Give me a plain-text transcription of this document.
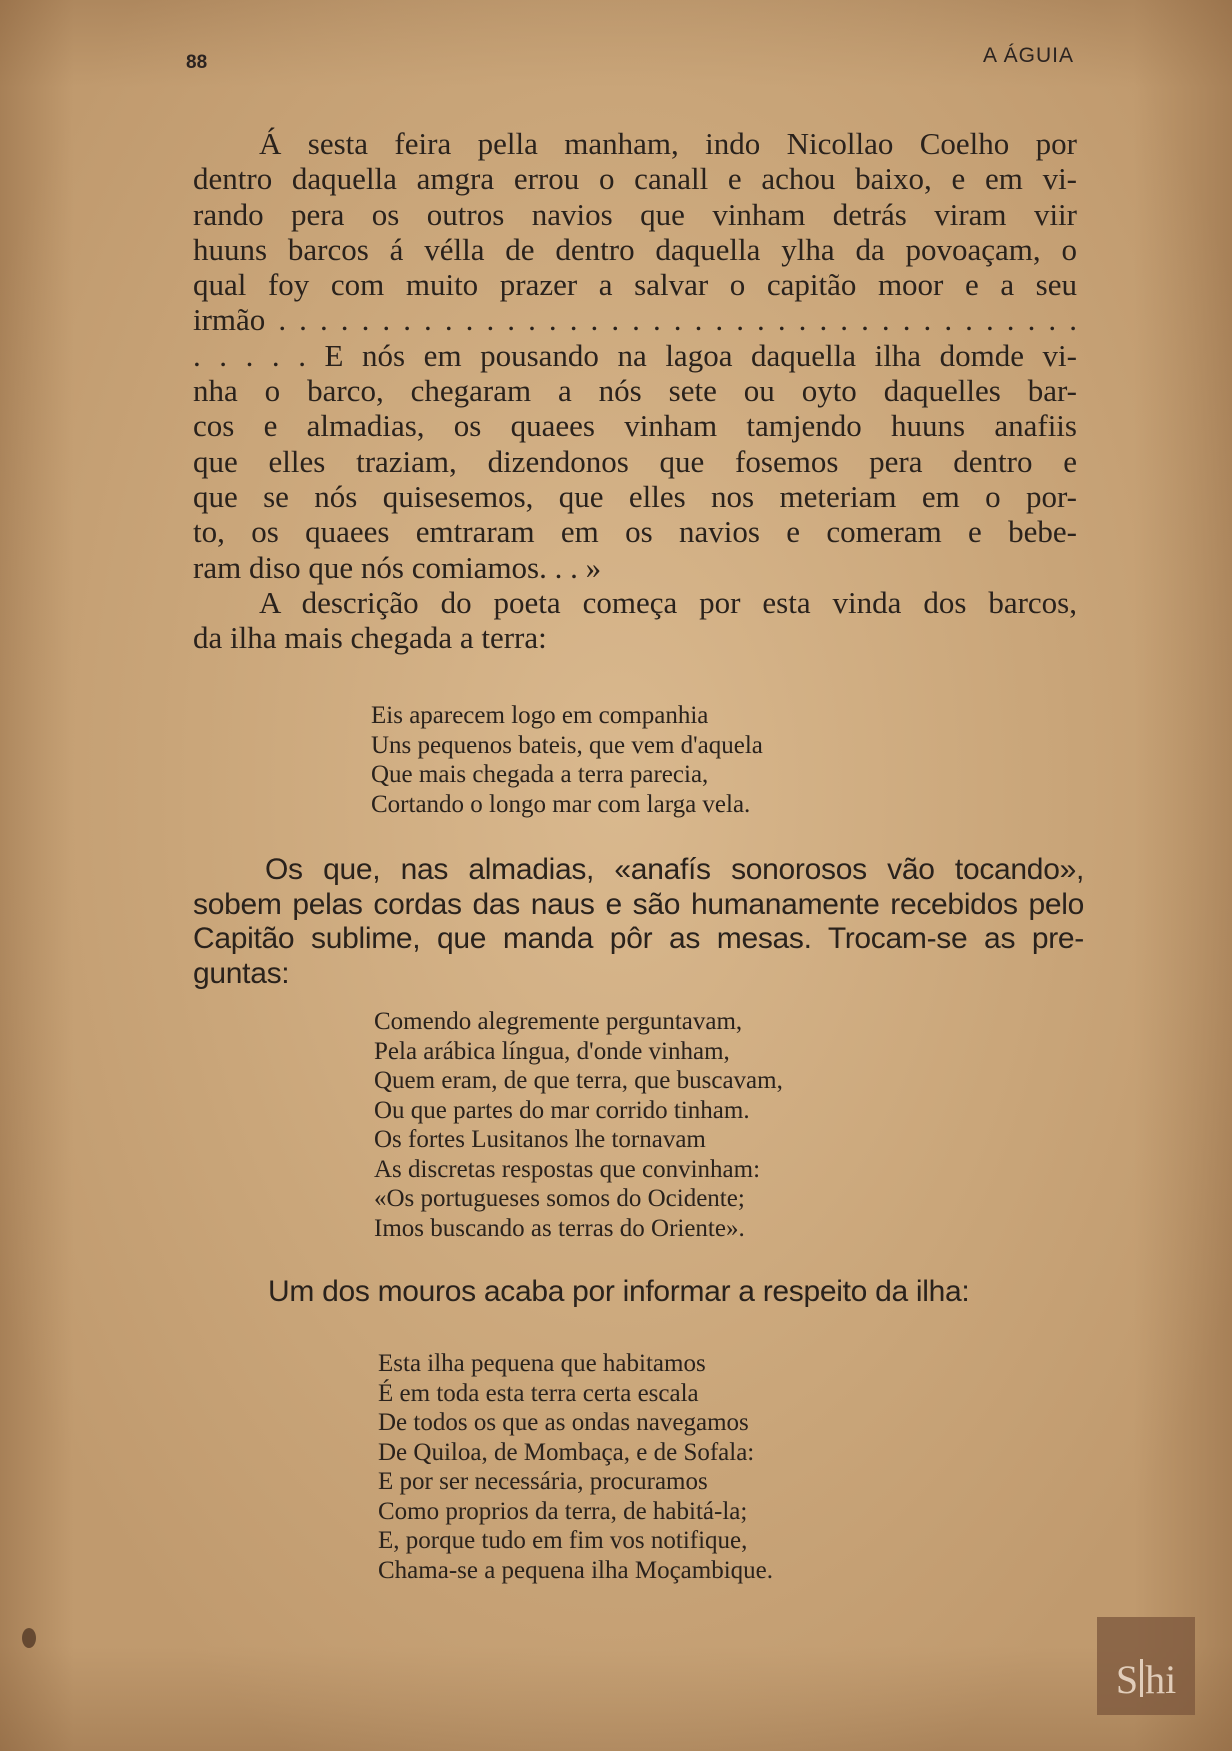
88	A ÁGUIA
Á sesta feira pella manham, indo Nicollao Coelho por
dentro daquella amgra errou o canall e achou baixo, e em vi-
rando pera os outros navios que vinham detrás viram viir
huuns barcos á vélla de dentro daquella ylha da povoaçam, o
qual foy com muito prazer a salvar o capitão moor e a seu
irmão . . . . . . . . . . . . . . . . . . . . . . . . . . . . . . . . . . . . . . .
. . . . . E nós em pousando na lagoa daquella ilha domde vi-
nha o barco, chegaram a nós sete ou oyto daquelles bar-
cos e almadias, os quaees vinham tamjendo huuns anafiis
que elles traziam, dizendonos que fosemos pera dentro e
que se nós quisesemos, que elles nos meteriam em o por-
to, os quaees emtraram em os navios e comeram e bebe-
ram diso que nós comiamos. . . »
A descrição do poeta começa por esta vinda dos barcos,
da ilha mais chegada a terra:
Eis aparecem logo em companhia
Uns pequenos bateis, que vem d'aquela
Que mais chegada a terra parecia,
Cortando o longo mar com larga vela.
Os que, nas almadias, «anafís sonorosos vão tocando»,
sobem pelas cordas das naus e são humanamente recebidos pelo
Capitão sublime, que manda pôr as mesas. Trocam-se as pre-
guntas:
Comendo alegremente perguntavam,
Pela arábica língua, d'onde vinham,
Quem eram, de que terra, que buscavam,
Ou que partes do mar corrido tinham.
Os fortes Lusitanos lhe tornavam
As discretas respostas que convinham:
«Os portugueses somos do Ocidente;
Imos buscando as terras do Oriente».
Um dos mouros acaba por informar a respeito da ilha:
Esta ilha pequena que habitamos
É em toda esta terra certa escala
De todos os que as ondas navegamos
De Quiloa, de Mombaça, e de Sofala:
E por ser necessária, procuramos
Como proprios da terra, de habitá-la;
E, porque tudo em fim vos notifique,
Chama-se a pequena ilha Moçambique.
S hi
